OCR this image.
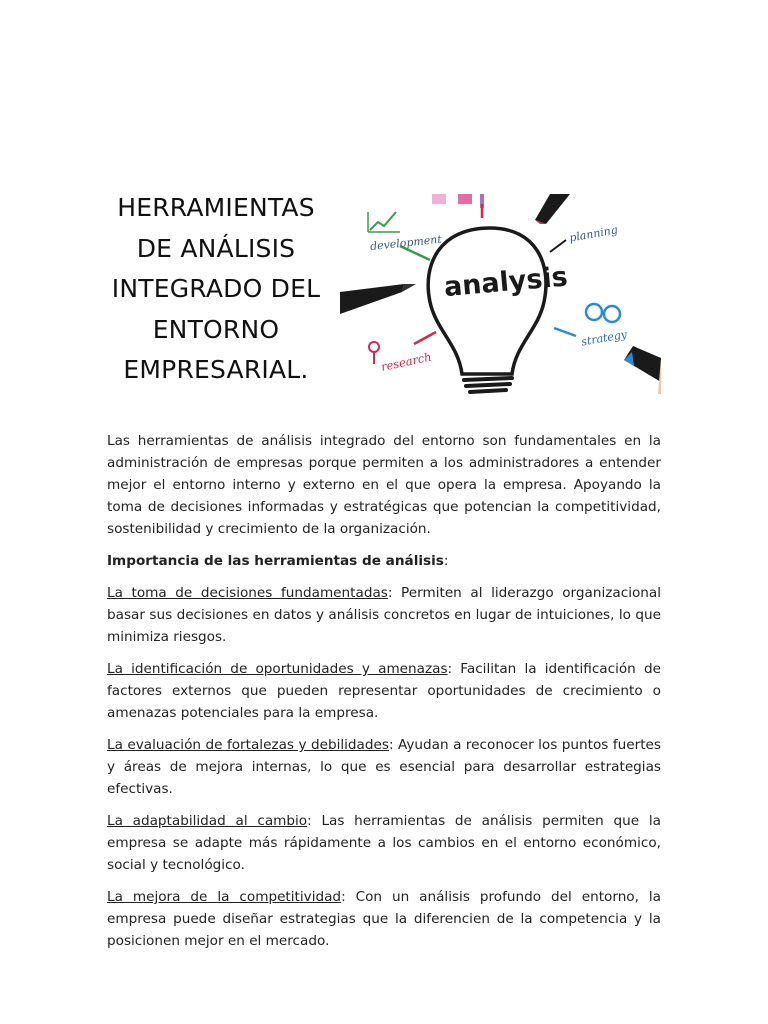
HERRAMIENTAS
DE ANÁLISIS
INTEGRADO DEL
ENTORNO
EMPRESARIAL.
analysis
development	planning
research
strategy

Las herramientas de análisis integrado del entorno son fundamentales en la administración de empresas porque permiten a los administradores a entender mejor el entorno interno y externo en el que opera la empresa. Apoyando la toma de decisiones informadas y estratégicas que potencian la competitividad, sostenibilidad y crecimiento de la organización.

Importancia de las herramientas de análisis:

La toma de decisiones fundamentadas: Permiten al liderazgo organizacional basar sus decisiones en datos y análisis concretos en lugar de intuiciones, lo que minimiza riesgos.

La identificación de oportunidades y amenazas: Facilitan la identificación de factores externos que pueden representar oportunidades de crecimiento o amenazas potenciales para la empresa.

La evaluación de fortalezas y debilidades: Ayudan a reconocer los puntos fuertes y áreas de mejora internas, lo que es esencial para desarrollar estrategias efectivas.

La adaptabilidad al cambio: Las herramientas de análisis permiten que la empresa se adapte más rápidamente a los cambios en el entorno económico, social y tecnológico.

La mejora de la competitividad: Con un análisis profundo del entorno, la empresa puede diseñar estrategias que la diferencien de la competencia y la posicionen mejor en el mercado.
